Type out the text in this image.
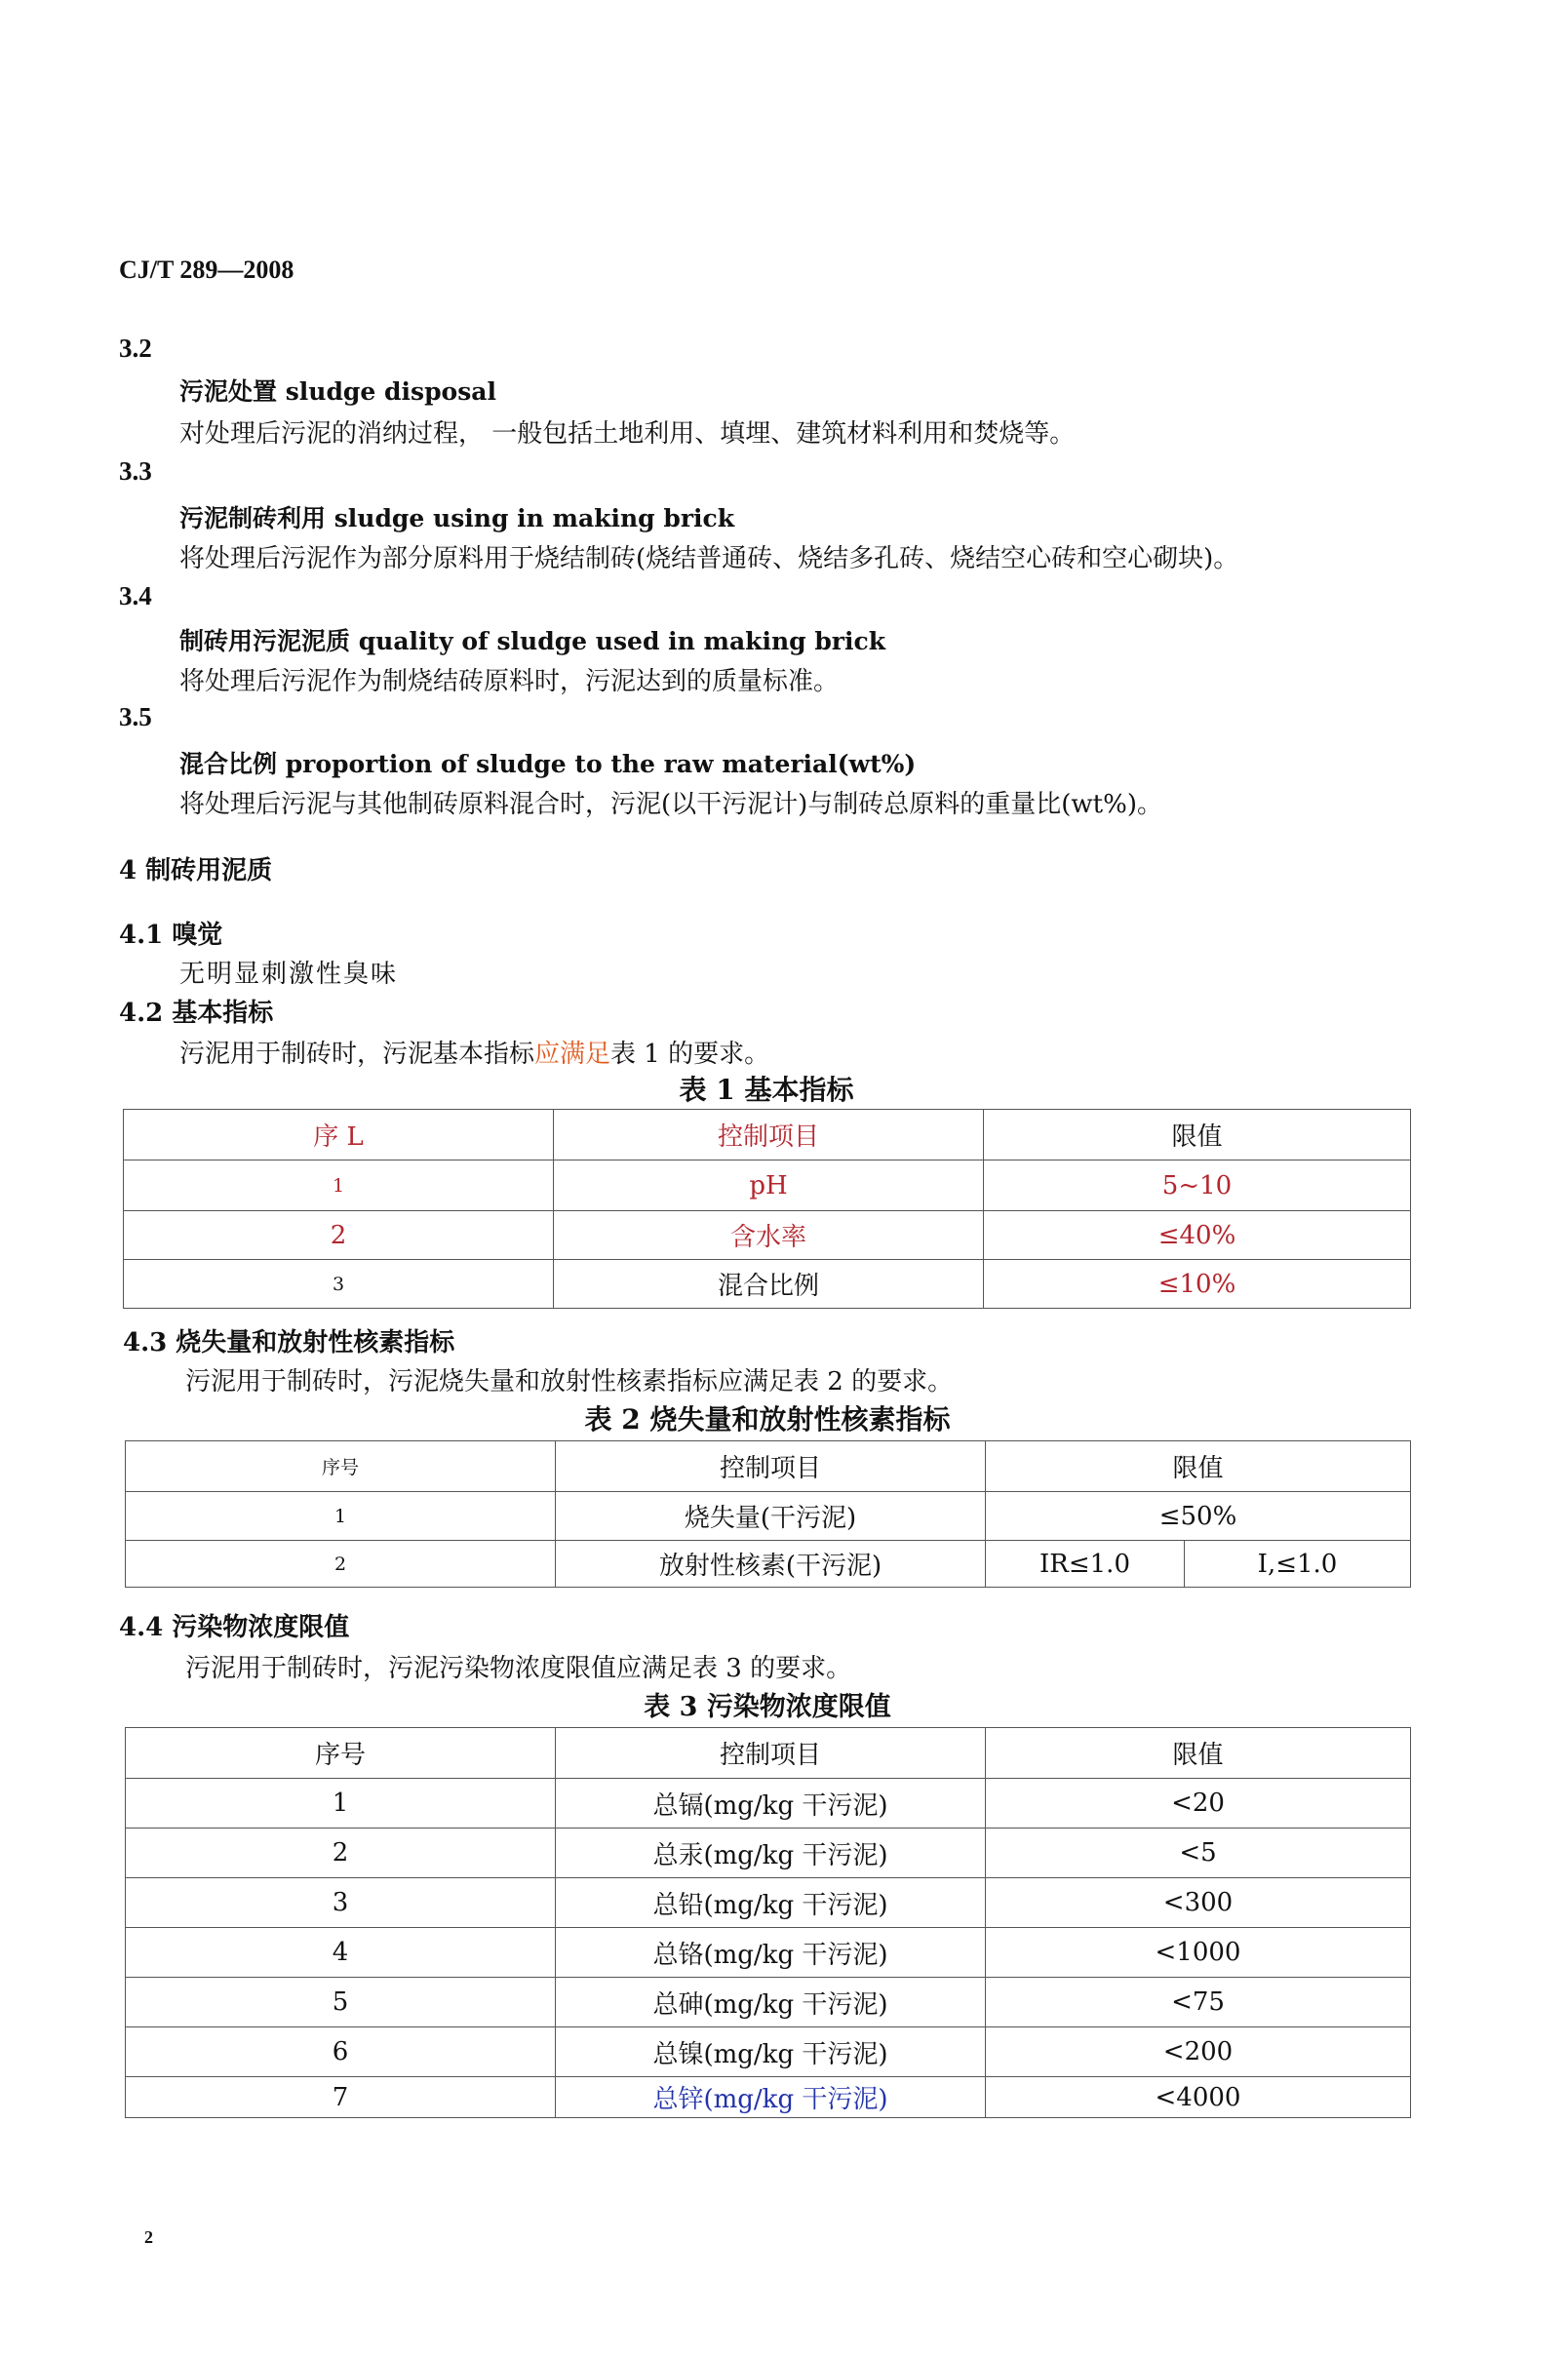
CJ/T 289—2008
3.2
污泥处置 sludge disposal
对处理后污泥的消纳过程， 一般包括土地利用、填埋、建筑材料利用和焚烧等。
3.3
污泥制砖利用 sludge using in making brick
将处理后污泥作为部分原料用于烧结制砖(烧结普通砖、烧结多孔砖、烧结空心砖和空心砌块)。
3.4
制砖用污泥泥质 quality of sludge used in making brick
将处理后污泥作为制烧结砖原料时，污泥达到的质量标准。
3.5
混合比例 proportion of sludge to the raw material(wt%)
将处理后污泥与其他制砖原料混合时，污泥(以干污泥计)与制砖总原料的重量比(wt%)。
4 制砖用泥质
4.1 嗅觉
无明显刺激性臭味
4.2 基本指标
污泥用于制砖时，污泥基本指标应满足表 1 的要求。
表 1 基本指标
序 L	控制项目	限值
1	pH	5~10
2	含水率	≤40%
3	混合比例	≤10%
4.3 烧失量和放射性核素指标
污泥用于制砖时，污泥烧失量和放射性核素指标应满足表 2 的要求。
表 2 烧失量和放射性核素指标
序号	控制项目	限值	
1	烧失量(干污泥)	≤50%	
2	放射性核素(干污泥)	IR≤1.0	I,≤1.0
4.4 污染物浓度限值
污泥用于制砖时，污泥污染物浓度限值应满足表 3 的要求。
表 3 污染物浓度限值
序号	控制项目	限值
1	总镉(mg/kg 干污泥)	<20
2	总汞(mg/kg 干污泥)	<5
3	总铅(mg/kg 干污泥)	<300
4	总铬(mg/kg 干污泥)	<1000
5	总砷(mg/kg 干污泥)	<75
6	总镍(mg/kg 干污泥)	<200
7	总锌(mg/kg 干污泥)	<4000
2
